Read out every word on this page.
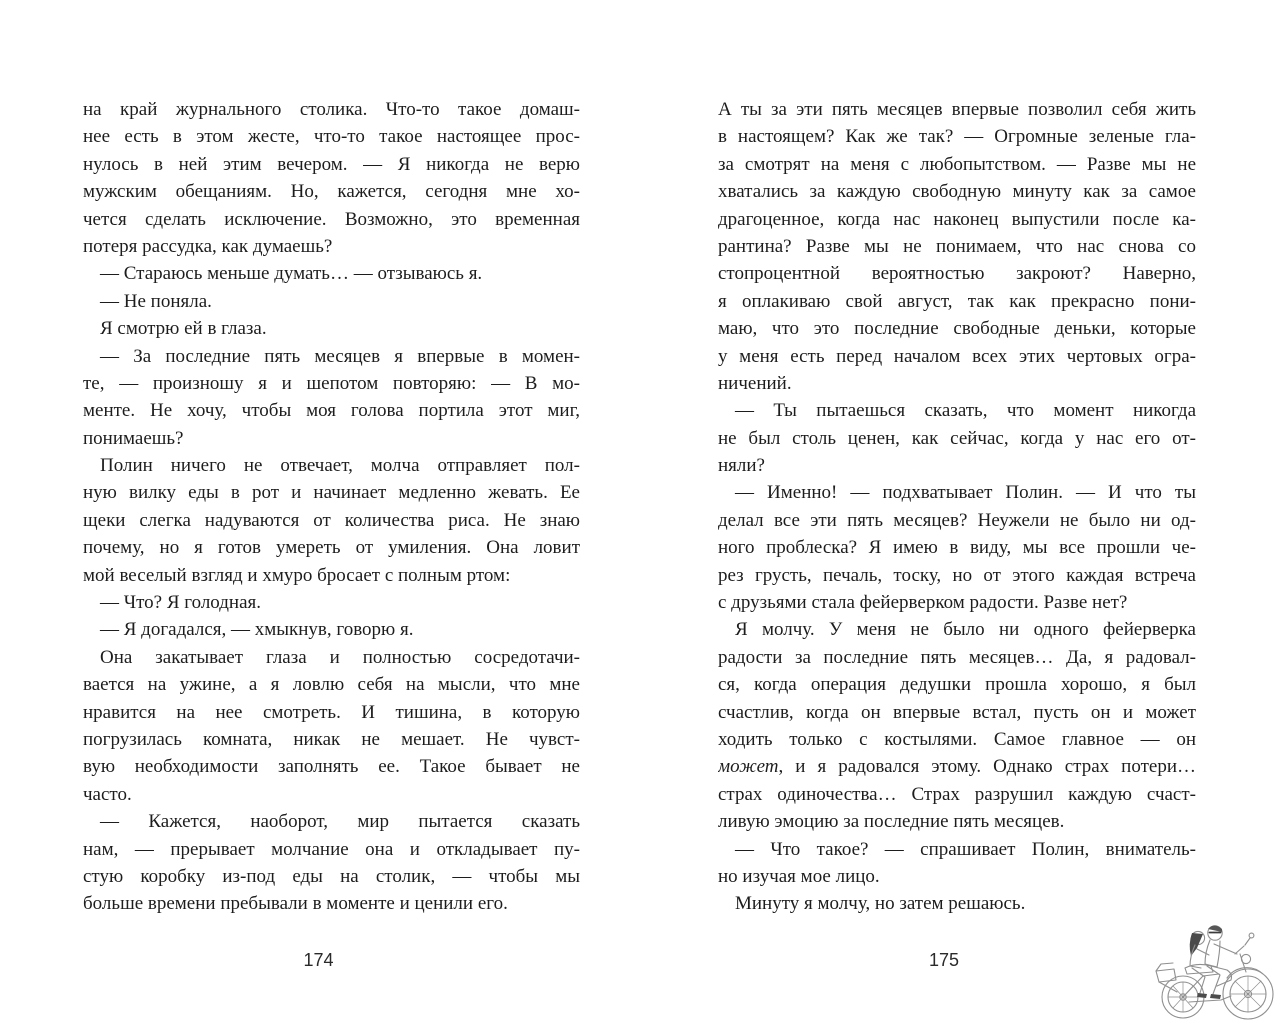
на край журнального столика. Что-то такое домаш-
нее есть в этом жесте, что-то такое настоящее прос-
нулось в ней этим вечером. — Я никогда не верю
мужским обещаниям. Но, кажется, сегодня мне хо-
чется сделать исключение. Возможно, это временная
потеря рассудка, как думаешь?
— Стараюсь меньше думать… — отзываюсь я.
— Не поняла.
Я смотрю ей в глаза.
— За последние пять месяцев я впервые в момен-
те, — произношу я и шепотом повторяю: — В мо-
менте. Не хочу, чтобы моя голова портила этот миг,
понимаешь?
Полин ничего не отвечает, молча отправляет пол-
ную вилку еды в рот и начинает медленно жевать. Ее
щеки слегка надуваются от количества риса. Не знаю
почему, но я готов умереть от умиления. Она ловит
мой веселый взгляд и хмуро бросает с полным ртом:
— Что? Я голодная.
— Я догадался, — хмыкнув, говорю я.
Она закатывает глаза и полностью сосредотачи-
вается на ужине, а я ловлю себя на мысли, что мне
нравится на нее смотреть. И тишина, в которую
погрузилась комната, никак не мешает. Не чувст-
вую необходимости заполнять ее. Такое бывает не
часто.
— Кажется, наоборот, мир пытается сказать
нам, — прерывает молчание она и откладывает пу-
стую коробку из-под еды на столик, — чтобы мы
больше времени пребывали в моменте и ценили его.
А ты за эти пять месяцев впервые позволил себя жить
в настоящем? Как же так? — Огромные зеленые гла-
за смотрят на меня с любопытством. — Разве мы не
хватались за каждую свободную минуту как за самое
драгоценное, когда нас наконец выпустили после ка-
рантина? Разве мы не понимаем, что нас снова со
стопроцентной вероятностью закроют? Наверно,
я оплакиваю свой август, так как прекрасно пони-
маю, что это последние свободные деньки, которые
у меня есть перед началом всех этих чертовых огра-
ничений.
— Ты пытаешься сказать, что момент никогда
не был столь ценен, как сейчас, когда у нас его от-
няли?
— Именно! — подхватывает Полин. — И что ты
делал все эти пять месяцев? Неужели не было ни од-
ного проблеска? Я имею в виду, мы все прошли че-
рез грусть, печаль, тоску, но от этого каждая встреча
с друзьями стала фейерверком радости. Разве нет?
Я молчу. У меня не было ни одного фейерверка
радости за последние пять месяцев… Да, я радовал-
ся, когда операция дедушки прошла хорошо, я был
счастлив, когда он впервые встал, пусть он и может
ходить только с костылями. Самое главное — он
может, и я радовался этому. Однако страх потери…
страх одиночества… Страх разрушил каждую счаст-
ливую эмоцию за последние пять месяцев.
— Что такое? — спрашивает Полин, вниматель-
но изучая мое лицо.
Минуту я молчу, но затем решаюсь.
174	175
